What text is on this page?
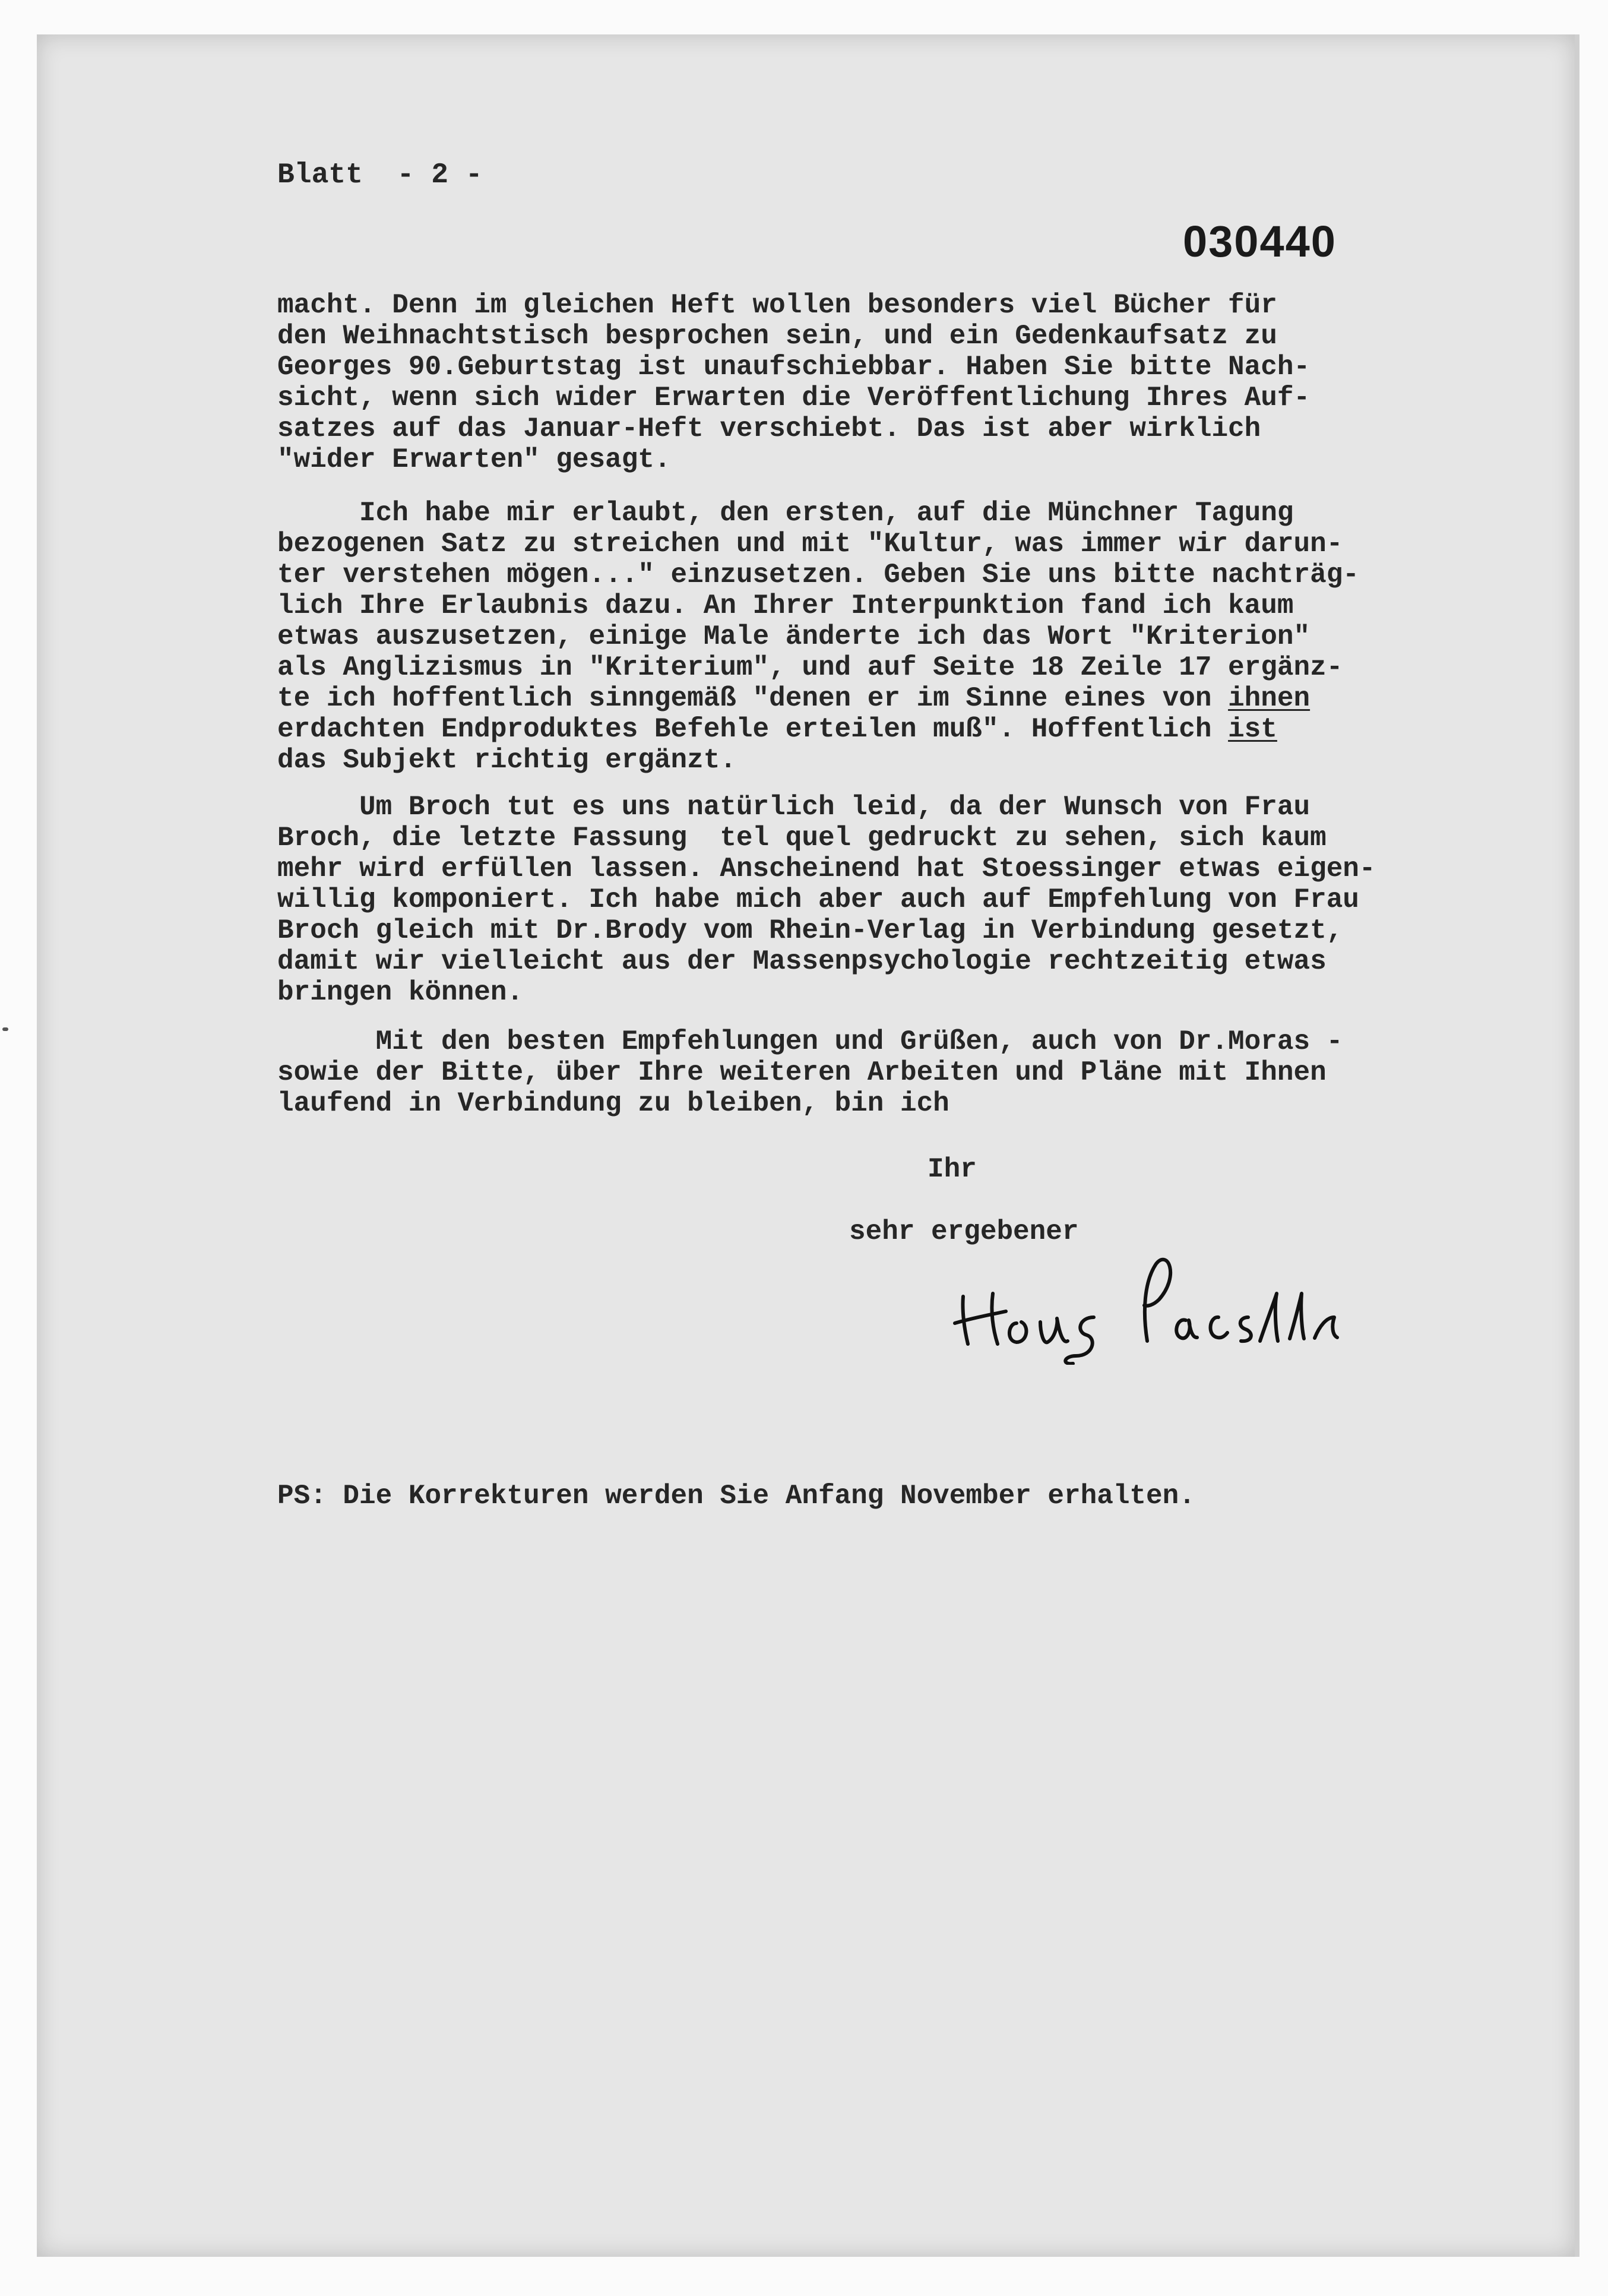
Blatt  - 2 -

030440

macht. Denn im gleichen Heft wollen besonders viel Bücher für
den Weihnachtstisch besprochen sein, und ein Gedenkaufsatz zu
Georges 90.Geburtstag ist unaufschiebbar. Haben Sie bitte Nach-
sicht, wenn sich wider Erwarten die Veröffentlichung Ihres Auf-
satzes auf das Januar-Heft verschiebt. Das ist aber wirklich
"wider Erwarten" gesagt.
Ich habe mir erlaubt, den ersten, auf die Münchner Tagung
bezogenen Satz zu streichen und mit "Kultur, was immer wir darun-
ter verstehen mögen..." einzusetzen. Geben Sie uns bitte nachträg-
lich Ihre Erlaubnis dazu. An Ihrer Interpunktion fand ich kaum
etwas auszusetzen, einige Male änderte ich das Wort "Kriterion"
als Anglizismus in "Kriterium", und auf Seite 18 Zeile 17 ergänz-
te ich hoffentlich sinngemäß "denen er im Sinne eines von ihnen
erdachten Endproduktes Befehle erteilen muß". Hoffentlich ist
das Subjekt richtig ergänzt.
Um Broch tut es uns natürlich leid, da der Wunsch von Frau
Broch, die letzte Fassung  tel quel gedruckt zu sehen, sich kaum
mehr wird erfüllen lassen. Anscheinend hat Stoessinger etwas eigen-
willig komponiert. Ich habe mich aber auch auf Empfehlung von Frau
Broch gleich mit Dr.Brody vom Rhein-Verlag in Verbindung gesetzt,
damit wir vielleicht aus der Massenpsychologie rechtzeitig etwas
bringen können.
Mit den besten Empfehlungen und Grüßen, auch von Dr.Moras -
sowie der Bitte, über Ihre weiteren Arbeiten und Pläne mit Ihnen
laufend in Verbindung zu bleiben, bin ich

Ihr

sehr ergebener

PS: Die Korrekturen werden Sie Anfang November erhalten.
